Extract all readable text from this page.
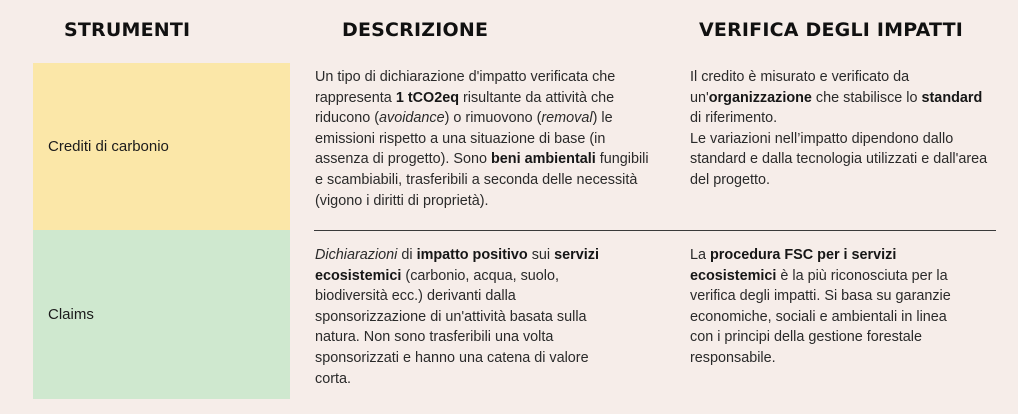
STRUMENTI	DESCRIZIONE	VERIFICA DEGLI IMPATTI
Crediti di carbonio

Un tipo di dichiarazione d'impatto verificata che rappresenta 1 tCO2eq risultante da attività che riducono (avoidance) o rimuovono (removal) le emissioni rispetto a una situazione di base (in assenza di progetto). Sono beni ambientali fungibili e scambiabili, trasferibili a seconda delle necessità (vigono i diritti di proprietà).

Il credito è misurato e verificato da un'organizzazione che stabilisce lo standard di riferimento.
Le variazioni nell’impatto dipendono dallo standard e dalla tecnologia utilizzati e dall'area del progetto.

Claims

Dichiarazioni di impatto positivo sui servizi ecosistemici (carbonio, acqua, suolo, biodiversità ecc.) derivanti dalla sponsorizzazione di un'attività basata sulla natura. Non sono trasferibili una volta sponsorizzati e hanno una catena di valore corta.

La procedura FSC per i servizi ecosistemici è la più riconosciuta per la verifica degli impatti. Si basa su garanzie economiche, sociali e ambientali in linea con i principi della gestione forestale responsabile.
